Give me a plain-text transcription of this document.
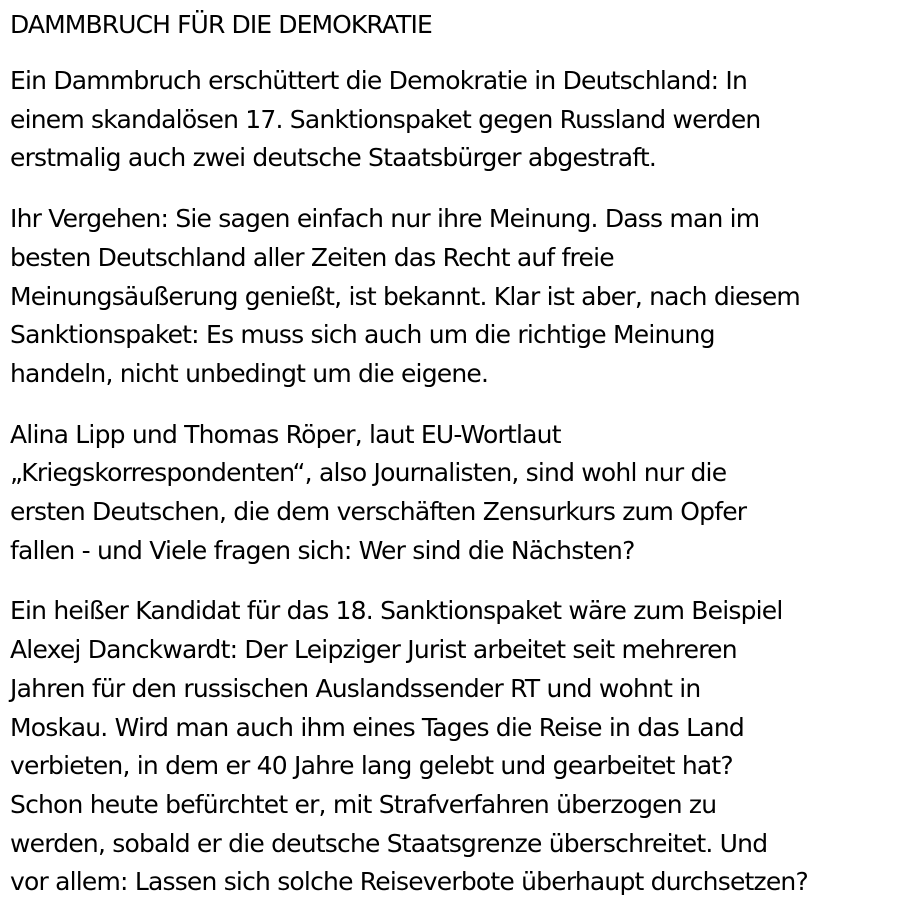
DAMMBRUCH FÜR DIE DEMOKRATIE
Ein Dammbruch erschüttert die Demokratie in Deutschland: In
einem skandalösen 17. Sanktionspaket gegen Russland werden
erstmalig auch zwei deutsche Staatsbürger abgestraft.
Ihr Vergehen: Sie sagen einfach nur ihre Meinung. Dass man im
besten Deutschland aller Zeiten das Recht auf freie
Meinungsäußerung genießt, ist bekannt. Klar ist aber, nach diesem
Sanktionspaket: Es muss sich auch um die richtige Meinung
handeln, nicht unbedingt um die eigene.
Alina Lipp und Thomas Röper, laut EU-Wortlaut
„Kriegskorrespondenten“, also Journalisten, sind wohl nur die
ersten Deutschen, die dem verschäften Zensurkurs zum Opfer
fallen - und Viele fragen sich: Wer sind die Nächsten?
Ein heißer Kandidat für das 18. Sanktionspaket wäre zum Beispiel
Alexej Danckwardt: Der Leipziger Jurist arbeitet seit mehreren
Jahren für den russischen Auslandssender RT und wohnt in
Moskau. Wird man auch ihm eines Tages die Reise in das Land
verbieten, in dem er 40 Jahre lang gelebt und gearbeitet hat?
Schon heute befürchtet er, mit Strafverfahren überzogen zu
werden, sobald er die deutsche Staatsgrenze überschreitet. Und
vor allem: Lassen sich solche Reiseverbote überhaupt durchsetzen?
